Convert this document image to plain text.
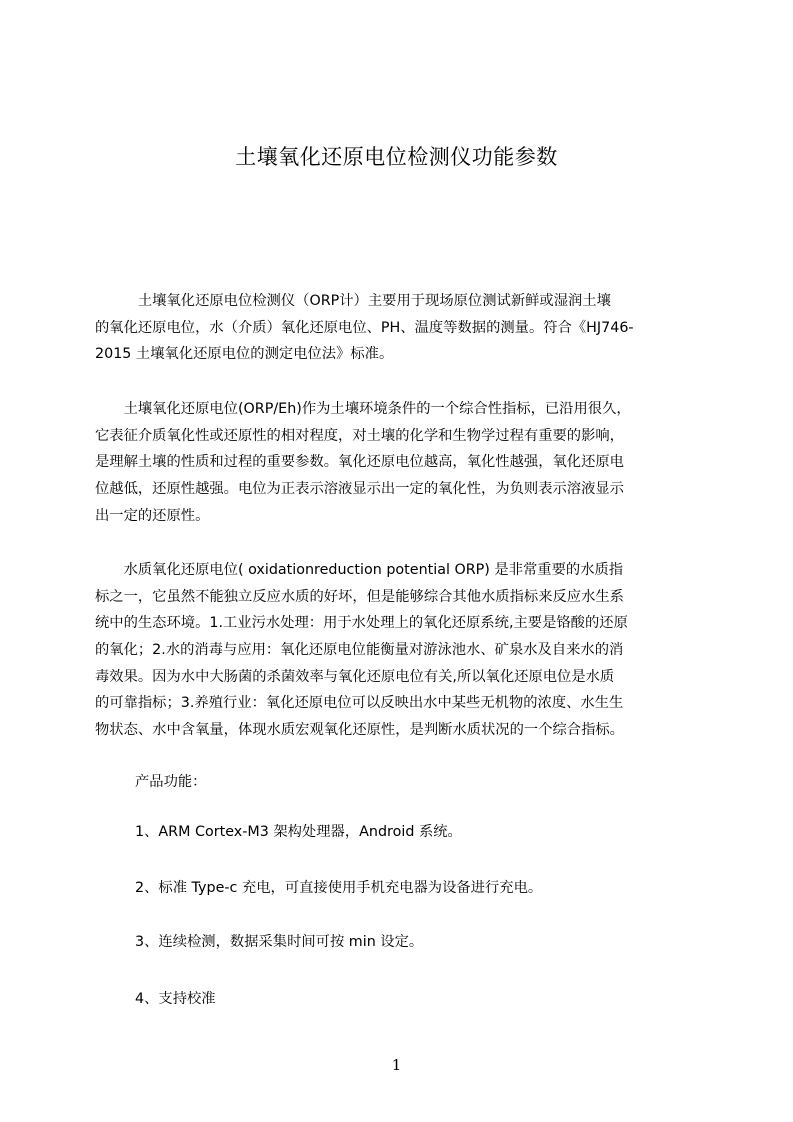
土壤氧化还原电位检测仪功能参数
　　　土壤氧化还原电位检测仪（ORP计）主要用于现场原位测试新鲜或湿润土壤
的氧化还原电位，水（介质）氧化还原电位、PH、温度等数据的测量。符合《HJ746-
2015 土壤氧化还原电位的测定电位法》标准。
　　土壤氧化还原电位(ORP/Eh)作为土壤环境条件的一个综合性指标，已沿用很久，
它表征介质氧化性或还原性的相对程度，对土壤的化学和生物学过程有重要的影响，
是理解土壤的性质和过程的重要参数。氧化还原电位越高，氧化性越强，氧化还原电
位越低，还原性越强。电位为正表示溶液显示出一定的氧化性，为负则表示溶液显示
出一定的还原性。
　　水质氧化还原电位( oxidationreduction potential ORP) 是非常重要的水质指
标之一，它虽然不能独立反应水质的好坏，但是能够综合其他水质指标来反应水生系
统中的生态环境。1.工业污水处理：用于水处理上的氧化还原系统,主要是铬酸的还原
的氧化；2.水的消毒与应用：氧化还原电位能衡量对游泳池水、矿泉水及自来水的消
毒效果。因为水中大肠菌的杀菌效率与氧化还原电位有关,所以氧化还原电位是水质
的可靠指标；3.养殖行业：氧化还原电位可以反映出水中某些无机物的浓度、水生生
物状态、水中含氧量，体现水质宏观氧化还原性，是判断水质状况的一个综合指标。
产品功能：
1、ARM Cortex-M3 架构处理器，Android 系统。
2、标准 Type-c 充电，可直接使用手机充电器为设备进行充电。
3、连续检测，数据采集时间可按 min 设定。
4、支持校准
1
